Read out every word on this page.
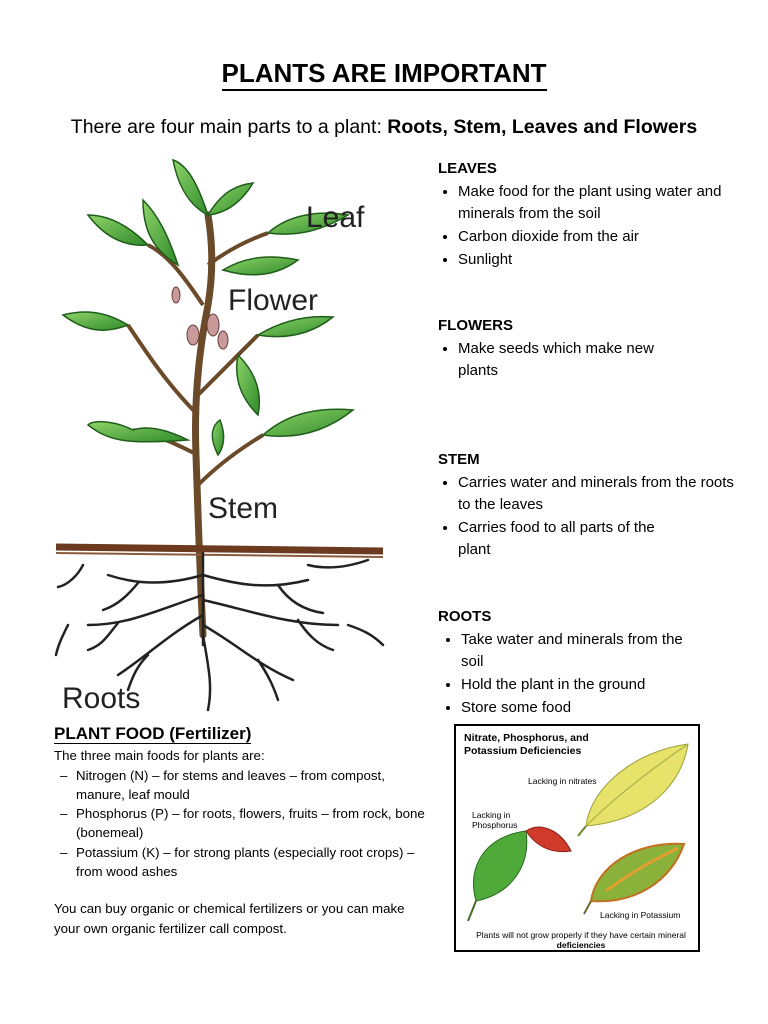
PLANTS ARE IMPORTANT
There are four main parts to a plant: Roots, Stem, Leaves and Flowers
Leaf
Flower
Stem
Roots
LEAVES
• Make food for the plant using water and minerals from the soil
• Carbon dioxide from the air
• Sunlight
FLOWERS
• Make seeds which make new plants
STEM
• Carries water and minerals from the roots to the leaves
• Carries food to all parts of the plant
ROOTS
• Take water and minerals from the soil
• Hold the plant in the ground
• Store some food
PLANT FOOD (Fertilizer)

The three main foods for plants are:

– Nitrogen (N) – for stems and leaves – from compost, manure, leaf mould
– Phosphorus (P) – for roots, flowers, fruits – from rock, bone (bonemeal)
– Potassium (K) – for strong plants (especially root crops) – from wood ashes

You can buy organic or chemical fertilizers or you can make your own organic fertilizer call compost.

Nitrate, Phosphorus, and Potassium Deficiencies
Lacking in nitrates
Lacking in Phosphorus
Lacking in Potassium
Plants will not grow properly if they have certain mineral deficiencies
